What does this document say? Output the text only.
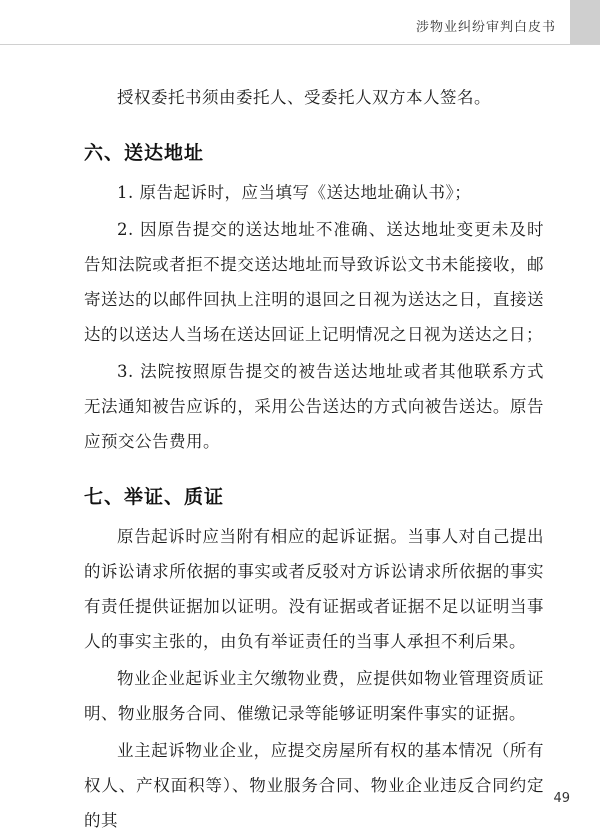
涉物业纠纷审判白皮书

授权委托书须由委托人、受委托人双方本人签名。

六、送达地址

1. 原告起诉时，应当填写《送达地址确认书》；

2. 因原告提交的送达地址不准确、送达地址变更未及时告知法院或者拒不提交送达地址而导致诉讼文书未能接收，邮寄送达的以邮件回执上注明的退回之日视为送达之日，直接送达的以送达人当场在送达回证上记明情况之日视为送达之日；

3. 法院按照原告提交的被告送达地址或者其他联系方式无法通知被告应诉的，采用公告送达的方式向被告送达。原告应预交公告费用。

七、举证、质证

原告起诉时应当附有相应的起诉证据。当事人对自己提出的诉讼请求所依据的事实或者反驳对方诉讼请求所依据的事实有责任提供证据加以证明。没有证据或者证据不足以证明当事人的事实主张的，由负有举证责任的当事人承担不利后果。

物业企业起诉业主欠缴物业费，应提供如物业管理资质证明、物业服务合同、催缴记录等能够证明案件事实的证据。

业主起诉物业企业，应提交房屋所有权的基本情况（所有权人、产权面积等）、物业服务合同、物业企业违反合同约定的其

49
